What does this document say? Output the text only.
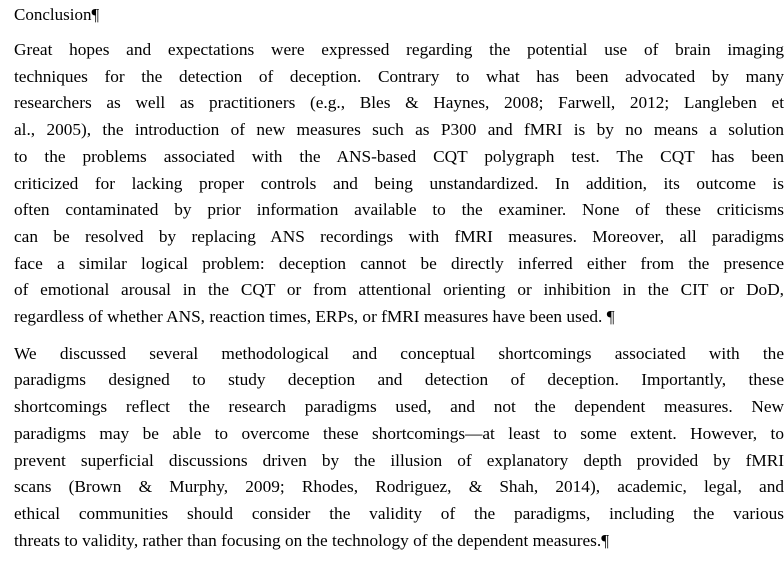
Conclusion¶
Great hopes and expectations were expressed regarding the potential use of brain imaging
techniques for the detection of deception. Contrary to what has been advocated by many
researchers as well as practitioners (e.g., Bles & Haynes, 2008; Farwell, 2012; Langleben et
al., 2005), the introduction of new measures such as P300 and fMRI is by no means a solution
to the problems associated with the ANS-based CQT polygraph test. The CQT has been
criticized for lacking proper controls and being unstandardized. In addition, its outcome is
often contaminated by prior information available to the examiner. None of these criticisms
can be resolved by replacing ANS recordings with fMRI measures. Moreover, all paradigms
face a similar logical problem: deception cannot be directly inferred either from the presence
of emotional arousal in the CQT or from attentional orienting or inhibition in the CIT or DoD,
regardless of whether ANS, reaction times, ERPs, or fMRI measures have been used. ¶
We discussed several methodological and conceptual shortcomings associated with the
paradigms designed to study deception and detection of deception. Importantly, these
shortcomings reflect the research paradigms used, and not the dependent measures. New
paradigms may be able to overcome these shortcomings—at least to some extent. However, to
prevent superficial discussions driven by the illusion of explanatory depth provided by fMRI
scans (Brown & Murphy, 2009; Rhodes, Rodriguez, & Shah, 2014), academic, legal, and
ethical communities should consider the validity of the paradigms, including the various
threats to validity, rather than focusing on the technology of the dependent measures.¶
